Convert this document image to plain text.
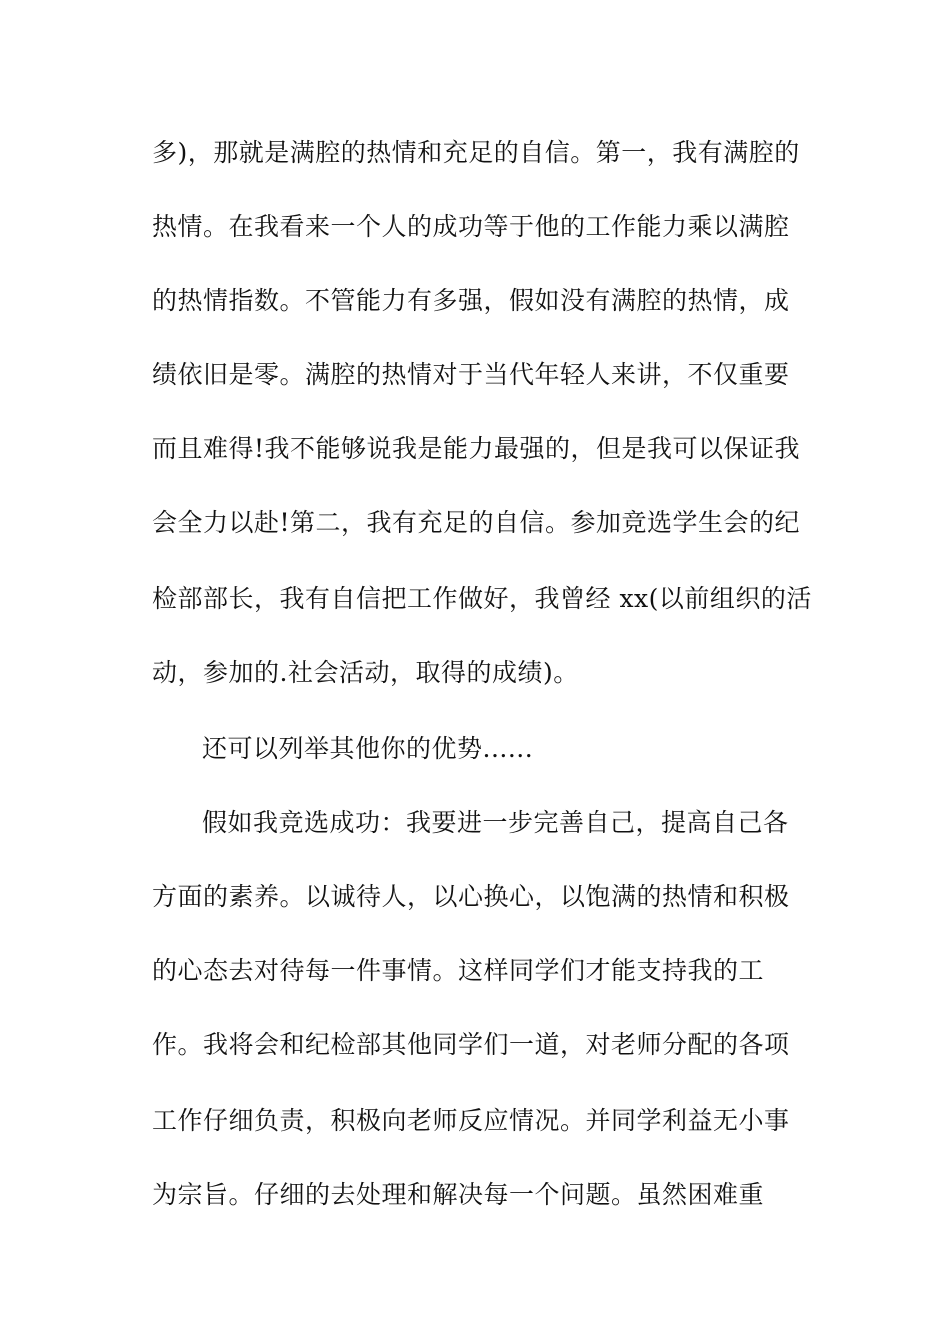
多)，那就是满腔的热情和充足的自信。第一，我有满腔的
热情。在我看来一个人的成功等于他的工作能力乘以满腔
的热情指数。不管能力有多强，假如没有满腔的热情，成
绩依旧是零。满腔的热情对于当代年轻人来讲，不仅重要
而且难得!我不能够说我是能力最强的，但是我可以保证我
会全力以赴!第二，我有充足的自信。参加竞选学生会的纪
检部部长，我有自信把工作做好，我曾经 xx(以前组织的活
动，参加的.社会活动，取得的成绩)。
还可以列举其他你的优势......
假如我竞选成功：我要进一步完善自己，提高自己各
方面的素养。以诚待人，以心换心，以饱满的热情和积极
的心态去对待每一件事情。这样同学们才能支持我的工
作。我将会和纪检部其他同学们一道，对老师分配的各项
工作仔细负责，积极向老师反应情况。并同学利益无小事
为宗旨。仔细的去处理和解决每一个问题。虽然困难重
